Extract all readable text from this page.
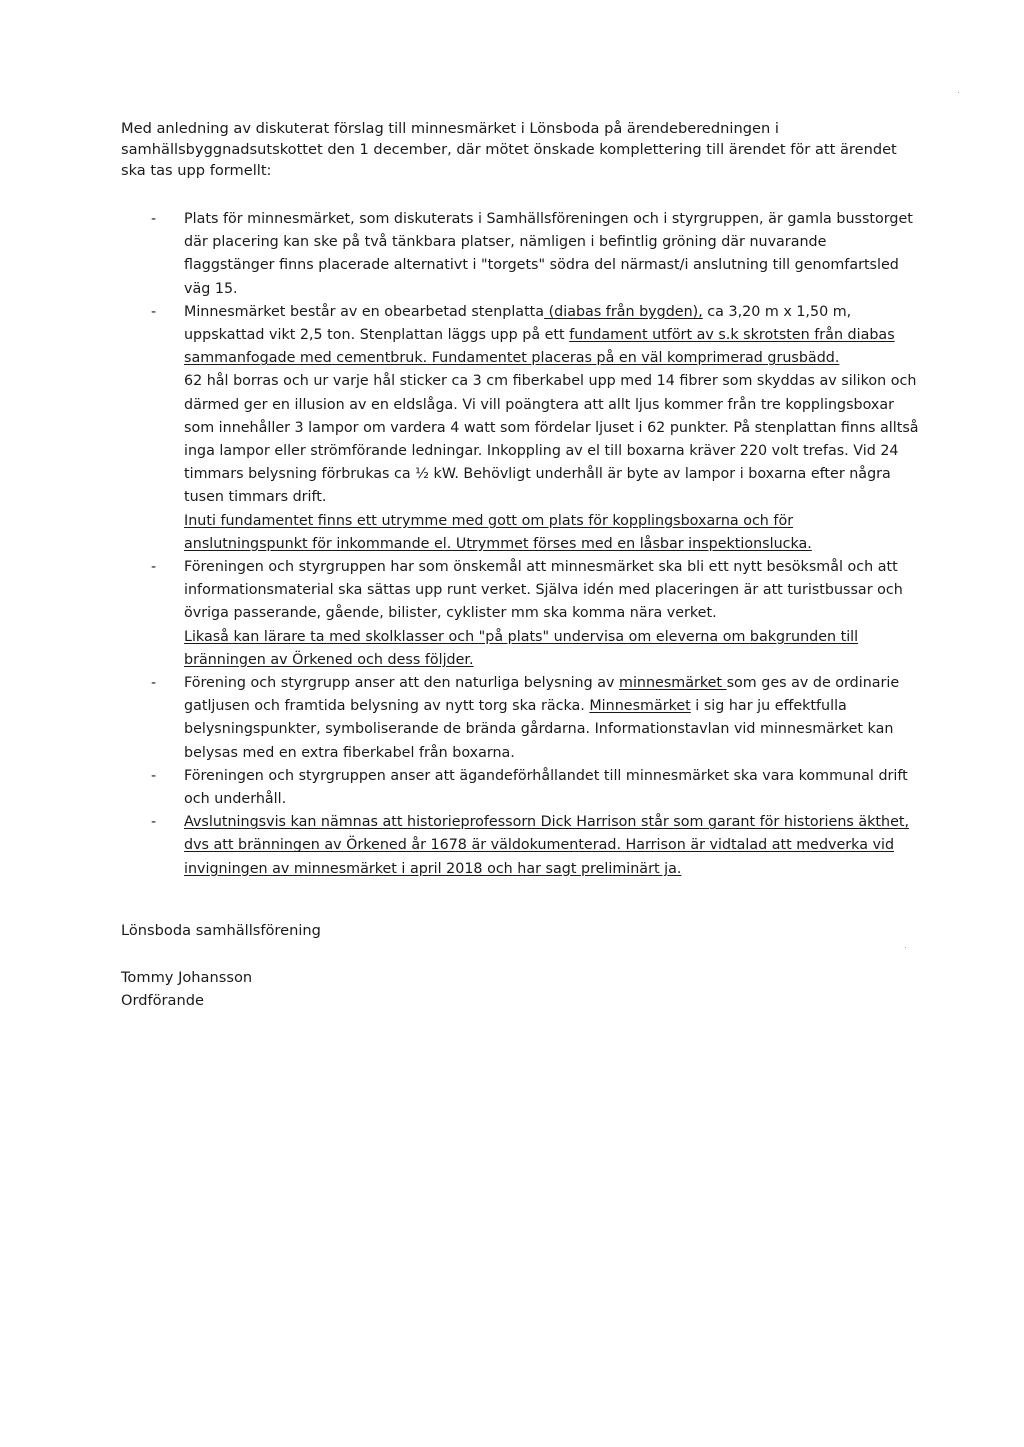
Med anledning av diskuterat förslag till minnesmärket i Lönsboda på ärendeberedningen i samhällsbyggnadsutskottet den 1 december, där mötet önskade komplettering till ärendet för att ärendet ska tas upp formellt:

- Plats för minnesmärket, som diskuterats i Samhällsföreningen och i styrgruppen, är gamla busstorget där placering kan ske på två tänkbara platser, nämligen i befintlig gröning där nuvarande flaggstänger finns placerade alternativt i "torgets" södra del närmast/i anslutning till genomfartsled väg 15.

- Minnesmärket består av en obearbetad stenplatta (diabas från bygden), ca 3,20 m x 1,50 m, uppskattad vikt 2,5 ton. Stenplattan läggs upp på ett fundament utfört av s.k skrotsten från diabas sammanfogade med cementbruk. Fundamentet placeras på en väl komprimerad grusbädd.

62 hål borras och ur varje hål sticker ca 3 cm fiberkabel upp med 14 fibrer som skyddas av silikon och därmed ger en illusion av en eldslåga. Vi vill poängtera att allt ljus kommer från tre kopplingsboxar som innehåller 3 lampor om vardera 4 watt som fördelar ljuset i 62 punkter. På stenplattan finns alltså inga lampor eller strömförande ledningar. Inkoppling av el till boxarna kräver 220 volt trefas. Vid 24 timmars belysning förbrukas ca ½ kW. Behövligt underhåll är byte av lampor i boxarna efter några tusen timmars drift.

Inuti fundamentet finns ett utrymme med gott om plats för kopplingsboxarna och för anslutningspunkt för inkommande el. Utrymmet förses med en låsbar inspektionslucka.

- Föreningen och styrgruppen har som önskemål att minnesmärket ska bli ett nytt besöksmål och att informationsmaterial ska sättas upp runt verket. Själva idén med placeringen är att turistbussar och övriga passerande, gående, bilister, cyklister mm ska komma nära verket.

Likaså kan lärare ta med skolklasser och "på plats" undervisa om eleverna om bakgrunden till bränningen av Örkened och dess följder.

- Förening och styrgrupp anser att den naturliga belysning av minnesmärket som ges av de ordinarie gatljusen och framtida belysning av nytt torg ska räcka. Minnesmärket i sig har ju effektfulla belysningspunkter, symboliserande de brända gårdarna. Informationstavlan vid minnesmärket kan belysas med en extra fiberkabel från boxarna.

- Föreningen och styrgruppen anser att ägandeförhållandet till minnesmärket ska vara kommunal drift och underhåll.

- Avslutningsvis kan nämnas att historieprofessorn Dick Harrison står som garant för historiens äkthet, dvs att bränningen av Örkened år 1678 är väldokumenterad. Harrison är vidtalad att medverka vid invigningen av minnesmärket i april 2018 och har sagt preliminärt ja.

Lönsboda samhällsförening

Tommy Johansson
Ordförande
